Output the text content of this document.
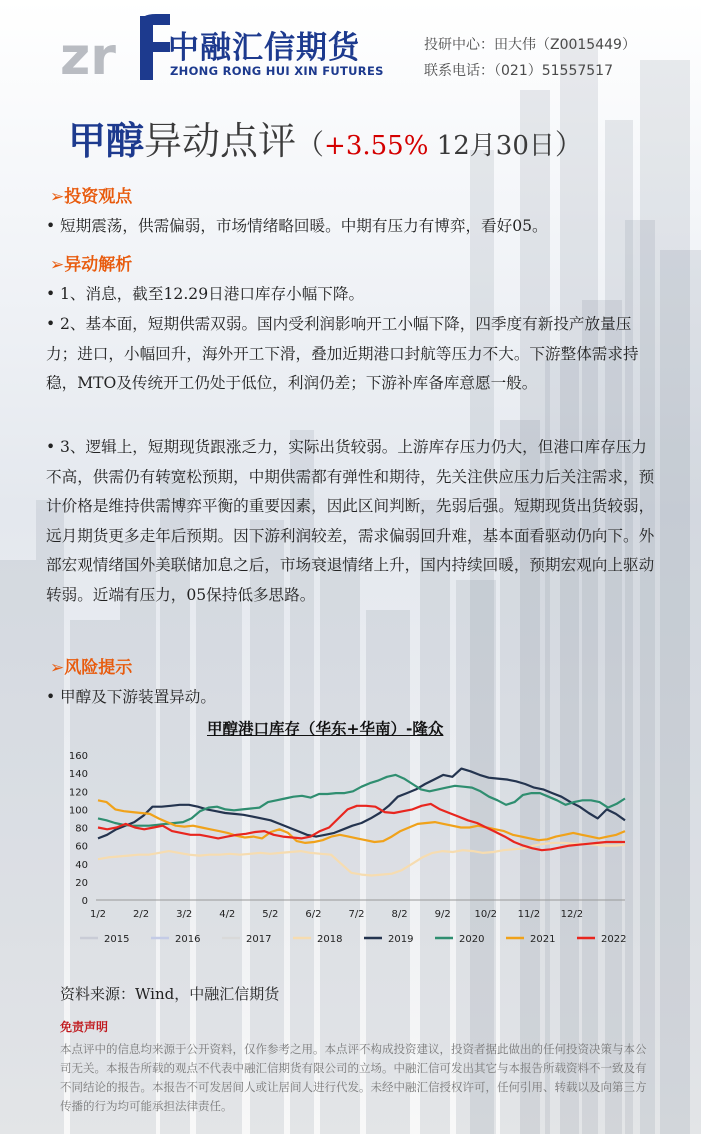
zr 中融汇信期货
ZHONG RONG HUI XIN FUTURES
投研中心：田大伟（Z0015449）
联系电话：（021）51557517
甲醇异动点评（+3.55% 12月30日）
➢投资观点
• 短期震荡，供需偏弱，市场情绪略回暖。中期有压力有博弈，看好05。
➢异动解析
• 1、消息，截至12.29日港口库存小幅下降。
• 2、基本面，短期供需双弱。国内受利润影响开工小幅下降，四季度有新投产放量压力；进口，小幅回升，海外开工下滑，叠加近期港口封航等压力不大。下游整体需求持稳，MTO及传统开工仍处于低位，利润仍差；下游补库备库意愿一般。
• 3、逻辑上，短期现货跟涨乏力，实际出货较弱。上游库存压力仍大，但港口库存压力不高，供需仍有转宽松预期，中期供需都有弹性和期待，先关注供应压力后关注需求，预计价格是维持供需博弈平衡的重要因素，因此区间判断，先弱后强。短期现货出货较弱，远月期货更多走年后预期。因下游利润较差，需求偏弱回升难，基本面看驱动仍向下。外部宏观情绪国外美联储加息之后，市场衰退情绪上升，国内持续回暖，预期宏观向上驱动转弱。近端有压力，05保持低多思路。
➢风险提示
• 甲醇及下游装置异动。
甲醇港口库存（华东+华南）-隆众
0
20
40
60
80
100
120
140
160
1/2	2/2	3/2	4/2	5/2	6/2	7/2	8/2	9/2 10/2 11/2 12/2
2015	2016	2017	2018	2019	2020	2021	2022
资料来源：Wind，中融汇信期货
免责声明
本点评中的信息均来源于公开资料，仅作参考之用。本点评不构成投资建议，投资者据此做出的任何投资决策与本公司无关。本报告所载的观点不代表中融汇信期货有限公司的立场。中融汇信可发出其它与本报告所载资料不一致及有不同结论的报告。本报告不可发居间人或让居间人进行代发。未经中融汇信授权许可，任何引用、转载以及向第三方传播的行为均可能承担法律责任。
